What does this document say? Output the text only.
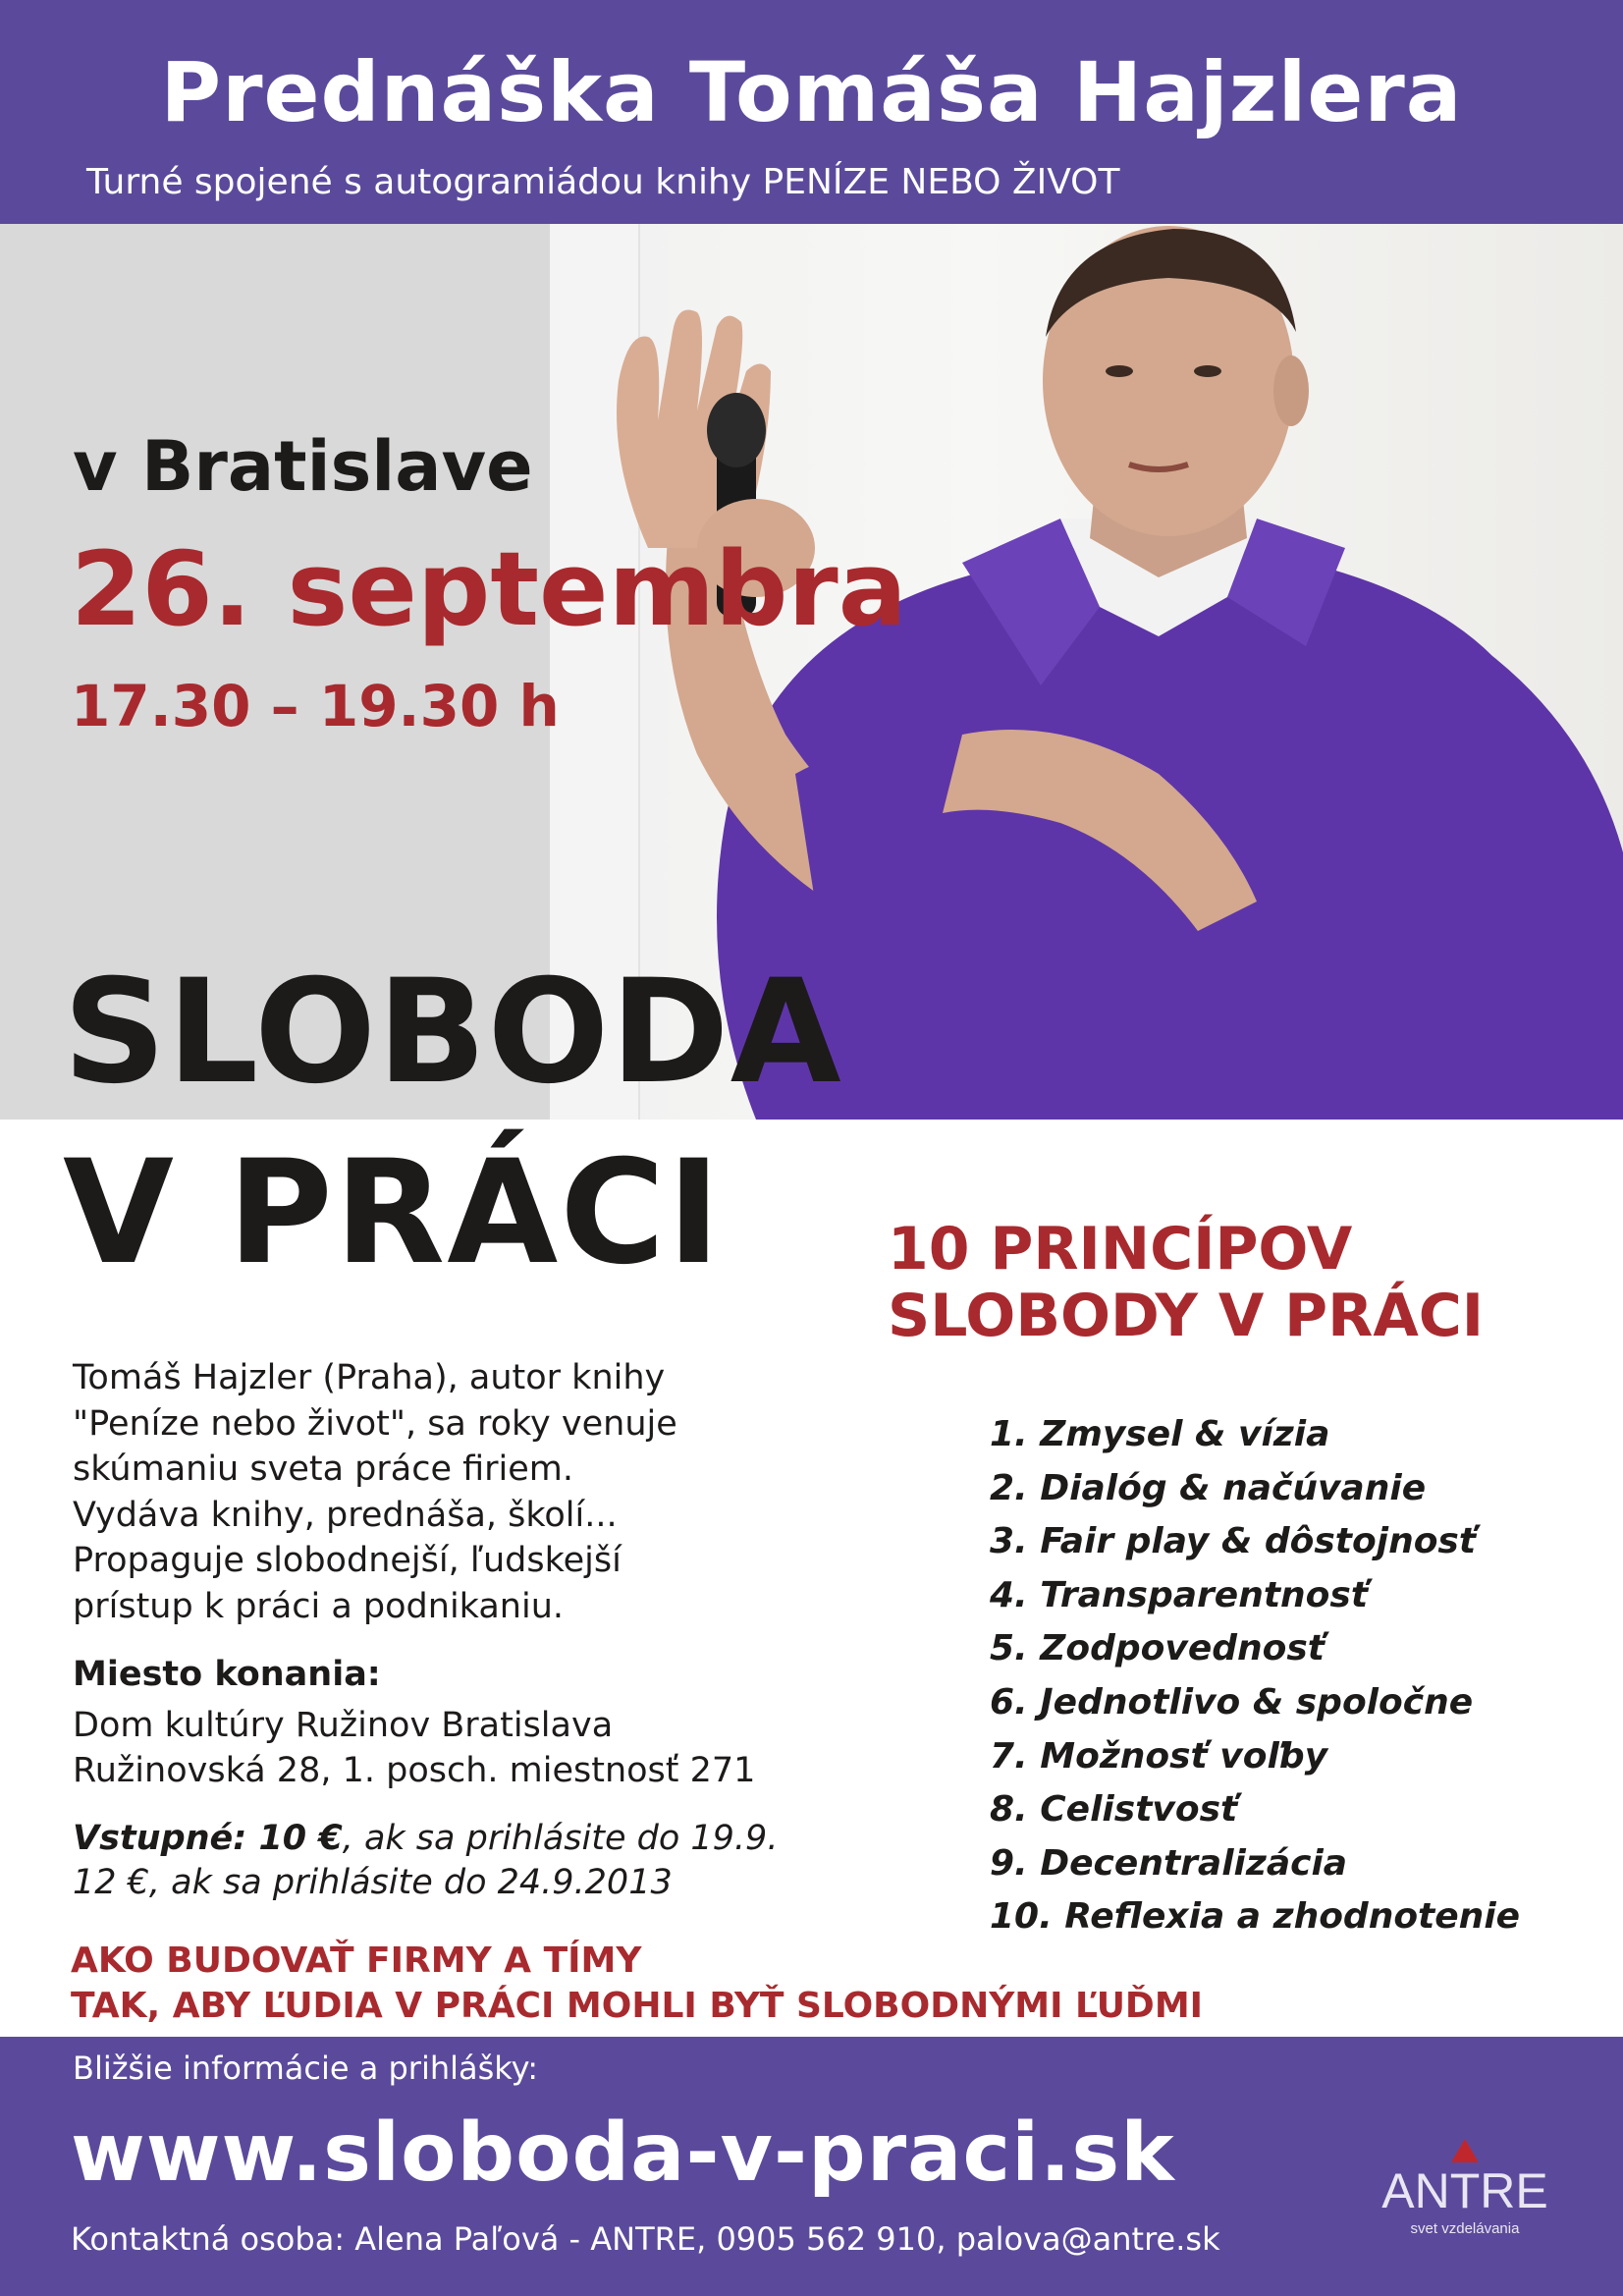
Prednáška Tomáša Hajzlera
Turné spojené s autogramiádou knihy PENÍZE NEBO ŽIVOT
v Bratislave
26. septembra
17.30 – 19.30 h
SLOBODA
V PRÁCI	10 PRINCÍPOV
SLOBODY V PRÁCI
1. Zmysel & vízia
2. Dialóg & načúvanie
3. Fair play & dôstojnosť
4. Transparentnosť
5. Zodpovednosť
6. Jednotlivo & spoločne
7. Možnosť voľby
8. Celistvosť
9. Decentralizácia
10. Reflexia a zhodnotenie
Tomáš Hajzler (Praha), autor knihy
"Peníze nebo život", sa roky venuje
skúmaniu sveta práce firiem.
Vydáva knihy, prednáša, školí...
Propaguje slobodnejší, ľudskejší
prístup k práci a podnikaniu.
Miesto konania:
Dom kultúry Ružinov Bratislava
Ružinovská 28, 1. posch. miestnosť 271
Vstupné: 10 €, ak sa prihlásite do 19.9.
12 €, ak sa prihlásite do 24.9.2013
AKO BUDOVAŤ FIRMY A TÍMY
TAK, ABY ĽUDIA V PRÁCI MOHLI BYŤ SLOBODNÝMI ĽUĎMI
Bližšie informácie a prihlášky:
www.sloboda-v-praci.sk
Kontaktná osoba: Alena Paľová - ANTRE, 0905 562 910, palova@antre.sk
ANTRE
svet vzdelávania
